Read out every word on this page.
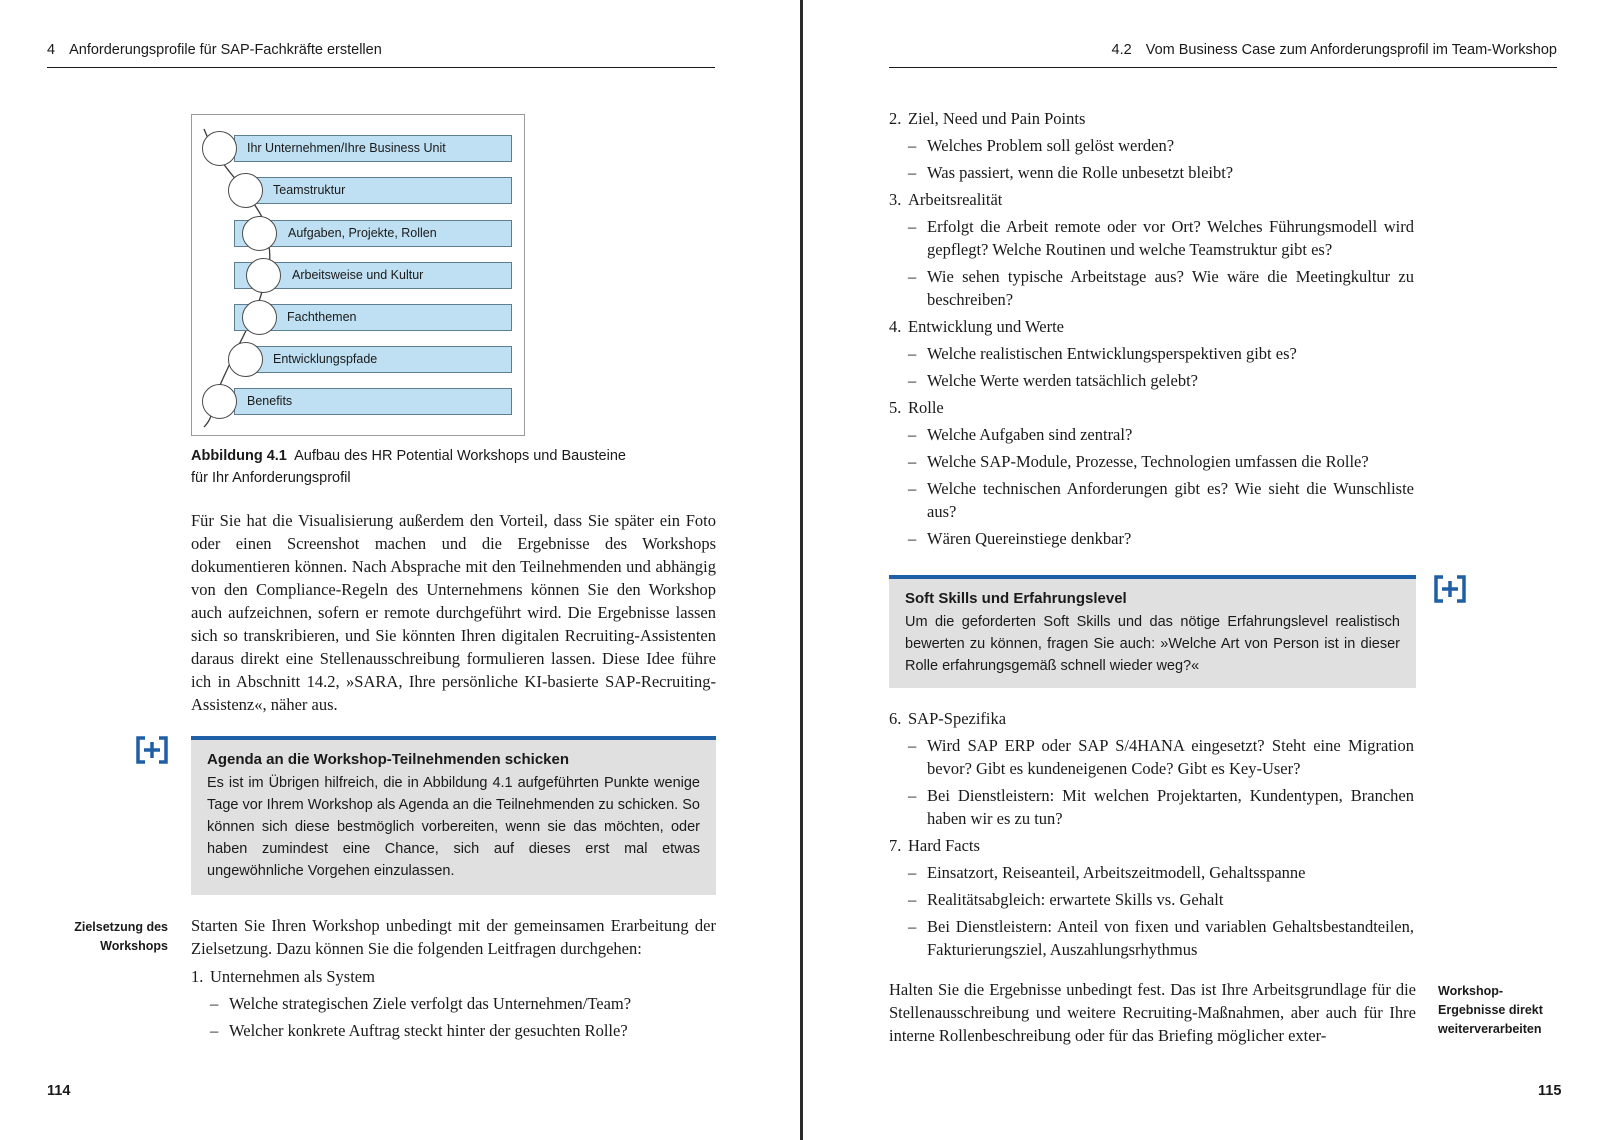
4 Anforderungsprofile für SAP-Fachkräfte erstellen
Ihr Unternehmen/Ihre Business Unit
Teamstruktur
Aufgaben, Projekte, Rollen
Arbeitsweise und Kultur
Fachthemen
Entwicklungspfade
Benefits
Abbildung 4.1 Aufbau des HR Potential Workshops und Bausteine für Ihr Anforderungsprofil
Für Sie hat die Visualisierung außerdem den Vorteil, dass Sie später ein Foto oder einen Screenshot machen und die Ergebnisse des Workshops dokumentieren können. Nach Absprache mit den Teilnehmenden und abhängig von den Compliance-Regeln des Unternehmens können Sie den Workshop auch aufzeichnen, sofern er remote durchgeführt wird. Die Ergebnisse lassen sich so transkribieren, und Sie könnten Ihren digitalen Recruiting-Assistenten daraus direkt eine Stellenausschreibung formulieren lassen. Diese Idee führe ich in Abschnitt 14.2, »SARA, Ihre persönliche KI-basierte SAP-Recruiting-Assistenz«, näher aus.
Agenda an die Workshop-Teilnehmenden schicken
Es ist im Übrigen hilfreich, die in Abbildung 4.1 aufgeführten Punkte wenige Tage vor Ihrem Workshop als Agenda an die Teilnehmenden zu schicken. So können sich diese bestmöglich vorbereiten, wenn sie das möchten, oder haben zumindest eine Chance, sich auf dieses erst mal etwas ungewöhnliche Vorgehen einzulassen.
Zielsetzung des Workshops
Starten Sie Ihren Workshop unbedingt mit der gemeinsamen Erarbeitung der Zielsetzung. Dazu können Sie die folgenden Leitfragen durchgehen:
1. Unternehmen als System
– Welche strategischen Ziele verfolgt das Unternehmen/Team?
– Welcher konkrete Auftrag steckt hinter der gesuchten Rolle?
114
4.2 Vom Business Case zum Anforderungsprofil im Team-Workshop
2. Ziel, Need und Pain Points
– Welches Problem soll gelöst werden?
– Was passiert, wenn die Rolle unbesetzt bleibt?
3. Arbeitsrealität
– Erfolgt die Arbeit remote oder vor Ort? Welches Führungsmodell wird gepflegt? Welche Routinen und welche Teamstruktur gibt es?
– Wie sehen typische Arbeitstage aus? Wie wäre die Meetingkultur zu beschreiben?
4. Entwicklung und Werte
– Welche realistischen Entwicklungsperspektiven gibt es?
– Welche Werte werden tatsächlich gelebt?
5. Rolle
– Welche Aufgaben sind zentral?
– Welche SAP-Module, Prozesse, Technologien umfassen die Rolle?
– Welche technischen Anforderungen gibt es? Wie sieht die Wunschliste aus?
– Wären Quereinstiege denkbar?
Soft Skills und Erfahrungslevel
Um die geforderten Soft Skills und das nötige Erfahrungslevel realistisch bewerten zu können, fragen Sie auch: »Welche Art von Person ist in dieser Rolle erfahrungsgemäß schnell wieder weg?«
6. SAP-Spezifika
– Wird SAP ERP oder SAP S/4HANA eingesetzt? Steht eine Migration bevor? Gibt es kundeneigenen Code? Gibt es Key-User?
– Bei Dienstleistern: Mit welchen Projektarten, Kundentypen, Branchen haben wir es zu tun?
7. Hard Facts
– Einsatzort, Reiseanteil, Arbeitszeitmodell, Gehaltsspanne
– Realitätsabgleich: erwartete Skills vs. Gehalt
– Bei Dienstleistern: Anteil von fixen und variablen Gehaltsbestandteilen, Fakturierungsziel, Auszahlungsrhythmus
Halten Sie die Ergebnisse unbedingt fest. Das ist Ihre Arbeitsgrundlage für die Stellenausschreibung und weitere Recruiting-Maßnahmen, aber auch für Ihre interne Rollenbeschreibung oder für das Briefing möglicher exter-
Workshop-Ergebnisse direkt weiterverarbeiten
115
